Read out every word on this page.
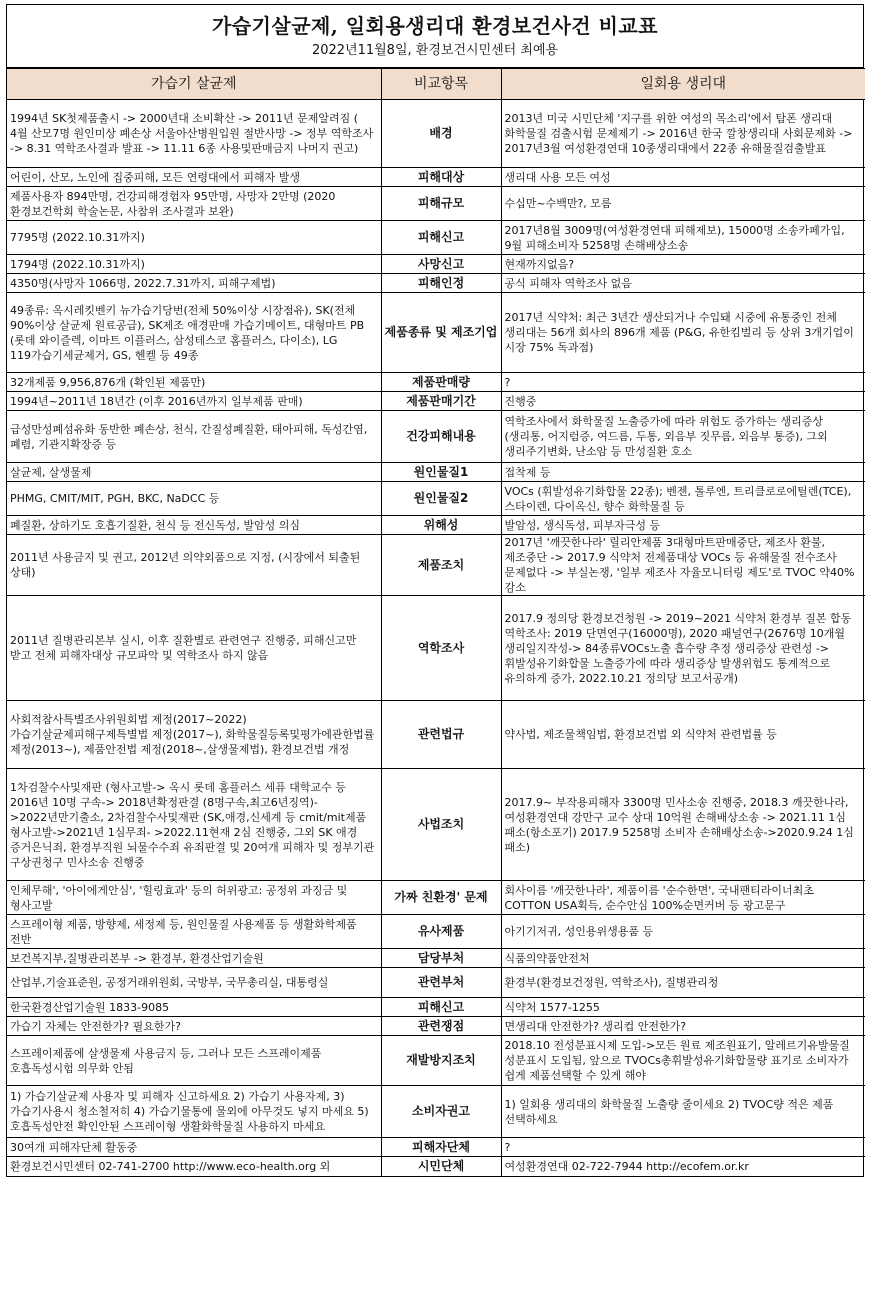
가습기살균제, 일회용생리대 환경보건사건 비교표
2022년11월8일, 환경보건시민센터 최예용
가습기 살균제	비교항목	일회용 생리대
1994년 SK첫제품출시 -> 2000년대 소비확산 -> 2011년 문제알려짐 ( 4월 산모7명 원인미상 폐손상 서울아산병원입원 절반사망 -> 정부 역학조사 -> 8.31 역학조사결과 발표 -> 11.11 6종 사용및판매금지 나머지 권고)	배경	2013년 미국 시민단체 '지구를 위한 여성의 목소리'에서 탐폰 생리대 화학물질 검출시험 문제제기 -> 2016년 한국 깔창생리대 사회문제화 -> 2017년3월 여성환경연대 10종생리대에서 22종 유해물질검출발표
어린이, 산모, 노인에 집중피해, 모든 연령대에서 피해자 발생	피해대상	생리대 사용 모든 여성
제품사용자 894만명, 건강피해경험자 95만명, 사망자 2만명 (2020 환경보건학회 학술논문, 사참위 조사결과 보완)	피해규모	수십만~수백만?, 모름
7795명 (2022.10.31까지)	피해신고	2017년8월 3009명(여성환경연대 피해제보), 15000명 소송카페가입, 9월 피해소비자 5258명 손해배상소송
1794명 (2022.10.31까지)	사망신고	현재까지없음?
4350명(사망자 1066명, 2022.7.31까지, 피해구제법)	피해인정	공식 피해자 역학조사 없음
49종류: 옥시레킷벤키 뉴가습기당번(전체 50%이상 시장점유), SK(전체 90%이상 살균제 원료공급), SK제조 애경판매 가습기메이트, 대형마트 PB (롯데 와이즐렉, 이마트 이플러스, 삼성테스코 홈플러스, 다이소), LG 119가습기세균제거, GS, 헨켈 등 49종	제품종류 및 제조기업	2017년 식약처: 최근 3년간 생산되거나 수입돼 시중에 유통중인 전체 생리대는 56개 회사의 896개 제품 (P&G, 유한킴벌리 등 상위 3개기업이 시장 75% 독과점)
32개제품 9,956,876개 (확인된 제품만)	제품판매량	?
1994년~2011년 18년간 (이후 2016년까지 일부제품 판매)	제품판매기간	진행중
급성만성폐섬유화 동반한 폐손상, 천식, 간질성폐질환, 태아피해, 독성간염, 폐렴, 기관지확장증 등	건강피해내용	역학조사에서 화학물질 노출증가에 따라 위험도 증가하는 생리증상(생리통, 어지럼증, 여드름, 두통, 외음부 짓무름, 외음부 통증), 그외 생리주기변화, 난소암 등 만성질환 호소
살균제, 살생물제	원인물질1	접착제 등
PHMG, CMIT/MIT, PGH, BKC, NaDCC 등	원인물질2	VOCs (휘발성유기화합물 22종); 벤젠, 톨루엔, 트리클로로에틸렌(TCE), 스타이렌, 다이옥신, 향수 화학물질 등
폐질환, 상하기도 호흡기질환, 천식 등 전신독성, 발암성 의심	위해성	발암성, 생식독성, 피부자극성 등
2011년 사용금지 및 권고, 2012년 의약외품으로 지정, (시장에서 퇴출된 상태)	제품조치	2017년 '깨끗한나라' 릴리안제품 3대형마트판매중단, 제조사 환불, 제조중단 -> 2017.9 식약처 전제품대상 VOCs 등 유해물질 전수조사 문제없다 -> 부실논쟁, '일부 제조사 자율모니터링 제도'로 TVOC 약40% 감소
2011년 질병관리본부 실시, 이후 질환별로 관련연구 진행중, 피해신고만 받고 전체 피해자대상 규모파악 및 역학조사 하지 않음	역학조사	2017.9 정의당 환경보건청원 -> 2019~2021 식약처 환경부 질본 합동 역학조사: 2019 단면연구(16000명), 2020 패널연구(2676명 10개월 생리일지작성-> 84종류VOCs노출 흡수량 추정 생리증상 관련성 -> 휘발성유기화합물 노출증가에 따라 생리증상 발생위험도 통계적으로 유의하게 증가, 2022.10.21 정의당 보고서공개)
사회적참사특별조사위원회법 제정(2017~2022) 가습기살균제피해구제특별법 제정(2017~), 화학물질등록및평가에관한법률 제정(2013~), 제품안전법 제정(2018~,살생물제법), 환경보건법 개정	관련법규	약사법, 제조물책임법, 환경보건법 외 식약처 관련법률 등
1차검찰수사및재판 (형사고발-> 옥시 롯데 홈플러스 세퓨 대학교수 등 2016년 10명 구속-> 2018년확정판결 (8명구속,최고6년징역)- >2022년만기출소, 2차검찰수사및재판 (SK,애경,신세계 등 cmit/mit제품 형사고발->2021년 1심무죄- >2022.11현재 2심 진행중, 그외 SK 애경 증거은닉죄, 환경부직원 뇌물수수죄 유죄판결 및 20여개 피해자 및 정부기관 구상권청구 민사소송 진행중	사법조치	2017.9~ 부작용피해자 3300명 민사소송 진행중, 2018.3 깨끗한나라, 여성환경연대 강만구 교수 상대 10억원 손해배상소송 -> 2021.11 1심 패소(항소포기) 2017.9 5258명 소비자 손해배상소송->2020.9.24 1심 패소)
인체무해', '아이에게안심', '힐링효과' 등의 허위광고: 공정위 과징금 및 형사고발	가짜 친환경' 문제	회사이름 '깨끗한나라', 제품이름 '순수한면', 국내팬티라이너최초 COTTON USA획득, 순수안심 100%순면커버 등 광고문구
스프레이형 제품, 방향제, 세정제 등, 원인물질 사용제품 등 생활화학제품 전반	유사제품	아기기저귀, 성인용위생용품 등
보건복지부,질병관리본부 -> 환경부, 환경산업기술원	담당부처	식품의약품안전처
산업부,기술표준원, 공정거래위원회, 국방부, 국무총리실, 대통령실	관련부처	환경부(환경보건정원, 역학조사), 질병관리청
한국환경산업기술원 1833-9085	피해신고	식약처 1577-1255
가습기 자체는 안전한가? 필요한가?	관련쟁점	면생리대 안전한가? 생리컵 안전한가?
스프레이제품에 살생물제 사용금지 등, 그러나 모든 스프레이제품 호흡독성시험 의무화 안됨	재발방지조치	2018.10 전성분표시제 도입->모든 원료 제조원표기, 알레르기유발물질 성분표시 도입됨, 앞으로 TVOCs총휘발성유기화합물량 표기로 소비자가 쉽게 제품선택할 수 있게 해야
1) 가습기살균제 사용자 및 피해자 신고하세요 2) 가습기 사용자제, 3) 가습기사용시 청소철저히 4) 가습기물통에 물외에 아무것도 넣지 마세요 5) 호흡독성안전 확인안된 스프레이형 생활화학물질 사용하지 마세요	소비자권고	1) 일회용 생리대의 화학물질 노출량 줄이세요 2) TVOC량 적은 제품 선택하세요
30여개 피해자단체 활동중	피해자단체	?
환경보건시민센터 02-741-2700 http://www.eco-health.org 외	시민단체	여성환경연대 02-722-7944 http://ecofem.or.kr
